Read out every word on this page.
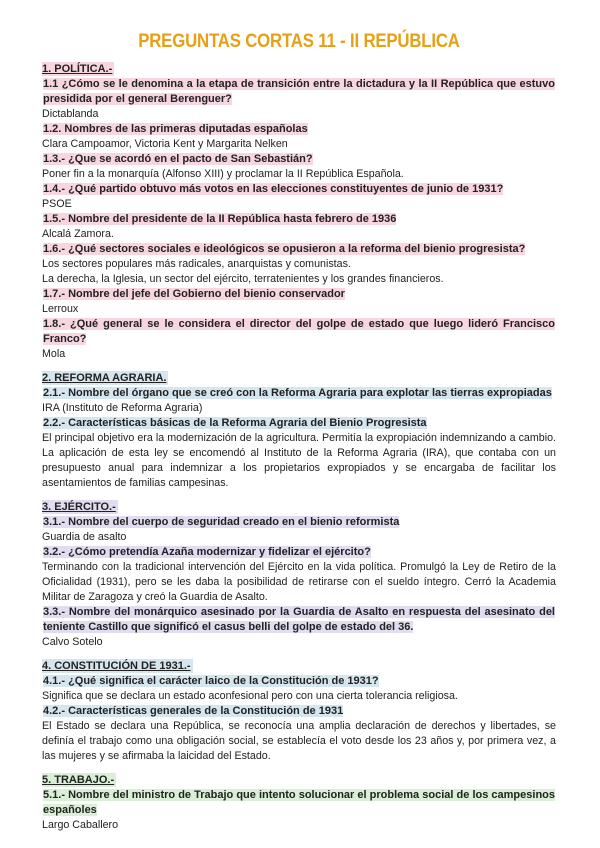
PREGUNTAS CORTAS 11 - II REPÚBLICA
1. POLÍTICA.-

1.1 ¿Cómo se le denomina a la etapa de transición entre la dictadura y la II República que estuvo presidida por el general Berenguer?

Dictablanda

1.2. Nombres de las primeras diputadas españolas

Clara Campoamor, Victoria Kent y Margarita Nelken

1.3.- ¿Que se acordó en el pacto de San Sebastián?

Poner fin a la monarquía (Alfonso XIII) y proclamar la II República Española.

1.4.- ¿Qué partido obtuvo más votos en las elecciones constituyentes de junio de 1931?

PSOE

1.5.- Nombre del presidente de la II República hasta febrero de 1936

Alcalá Zamora.

1.6.- ¿Qué sectores sociales e ideológicos se opusieron a la reforma del bienio progresista?

Los sectores populares más radicales, anarquistas y comunistas.

La derecha, la Iglesia, un sector del ejército, terratenientes y los grandes financieros.

1.7.- Nombre del jefe del Gobierno del bienio conservador

Lerroux

1.8.- ¿Qué general se le considera el director del golpe de estado que luego lideró Francisco Franco?

Mola

2. REFORMA AGRARIA.

2.1.- Nombre del órgano que se creó con la Reforma Agraria para explotar las tierras expropiadas

IRA (Instituto de Reforma Agraria)

2.2.- Características básicas de la Reforma Agraria del Bienio Progresista

El principal objetivo era la modernización de la agricultura. Permitía la expropiación indemnizando a cambio. La aplicación de esta ley se encomendó al Instituto de la Reforma Agraria (IRA), que contaba con un presupuesto anual para indemnizar a los propietarios expropiados y se encargaba de facilitar los asentamientos de familias campesinas.

3. EJÉRCITO.-

3.1.- Nombre del cuerpo de seguridad creado en el bienio reformista

Guardia de asalto

3.2.- ¿Cómo pretendía Azaña modernizar y fidelizar el ejército?

Terminando con la tradicional intervención del Ejército en la vida política. Promulgó la Ley de Retiro de la Oficialidad (1931), pero se les daba la posibilidad de retirarse con el sueldo íntegro. Cerró la Academia Militar de Zaragoza y creó la Guardia de Asalto.

3.3.- Nombre del monárquico asesinado por la Guardia de Asalto en respuesta del asesinato del teniente Castillo que significó el casus belli del golpe de estado del 36.

Calvo Sotelo

4. CONSTITUCIÓN DE 1931.-

4.1.- ¿Qué significa el carácter laico de la Constitución de 1931?

Significa que se declara un estado aconfesional pero con una cierta tolerancia religiosa.

4.2.- Características generales de la Constitución de 1931

El Estado se declara una República, se reconocía una amplia declaración de derechos y libertades, se definía el trabajo como una obligación social, se establecía el voto desde los 23 años y, por primera vez, a las mujeres y se afirmaba la laicidad del Estado.

5. TRABAJO.-

5.1.- Nombre del ministro de Trabajo que intento solucionar el problema social de los campesinos españoles

Largo Caballero
